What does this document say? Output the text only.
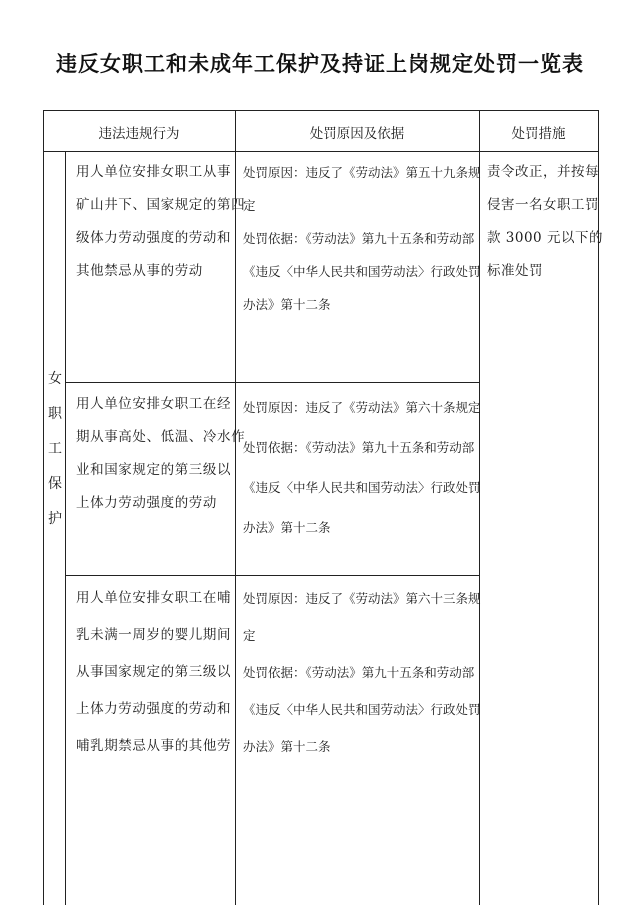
违反女职工和未成年工保护及持证上岗规定处罚一览表
违法违规行为	处罚原因及依据	处罚措施
女
职
工
保
护
用人单位安排女职工从事
矿山井下、国家规定的第四
级体力劳动强度的劳动和
其他禁忌从事的劳动
处罚原因：违反了《劳动法》第五十九条规
定
处罚依据：《劳动法》第九十五条和劳动部
《违反〈中华人民共和国劳动法〉行政处罚
办法》第十二条
用人单位安排女职工在经
期从事高处、低温、冷水作
业和国家规定的第三级以
上体力劳动强度的劳动
处罚原因：违反了《劳动法》第六十条规定
处罚依据：《劳动法》第九十五条和劳动部
《违反〈中华人民共和国劳动法〉行政处罚
办法》第十二条
用人单位安排女职工在哺
乳未满一周岁的婴儿期间
从事国家规定的第三级以
上体力劳动强度的劳动和
哺乳期禁忌从事的其他劳
处罚原因：违反了《劳动法》第六十三条规
定
处罚依据：《劳动法》第九十五条和劳动部
《违反〈中华人民共和国劳动法〉行政处罚
办法》第十二条
责令改正，并按每
侵害一名女职工罚
款 3000 元以下的
标准处罚
